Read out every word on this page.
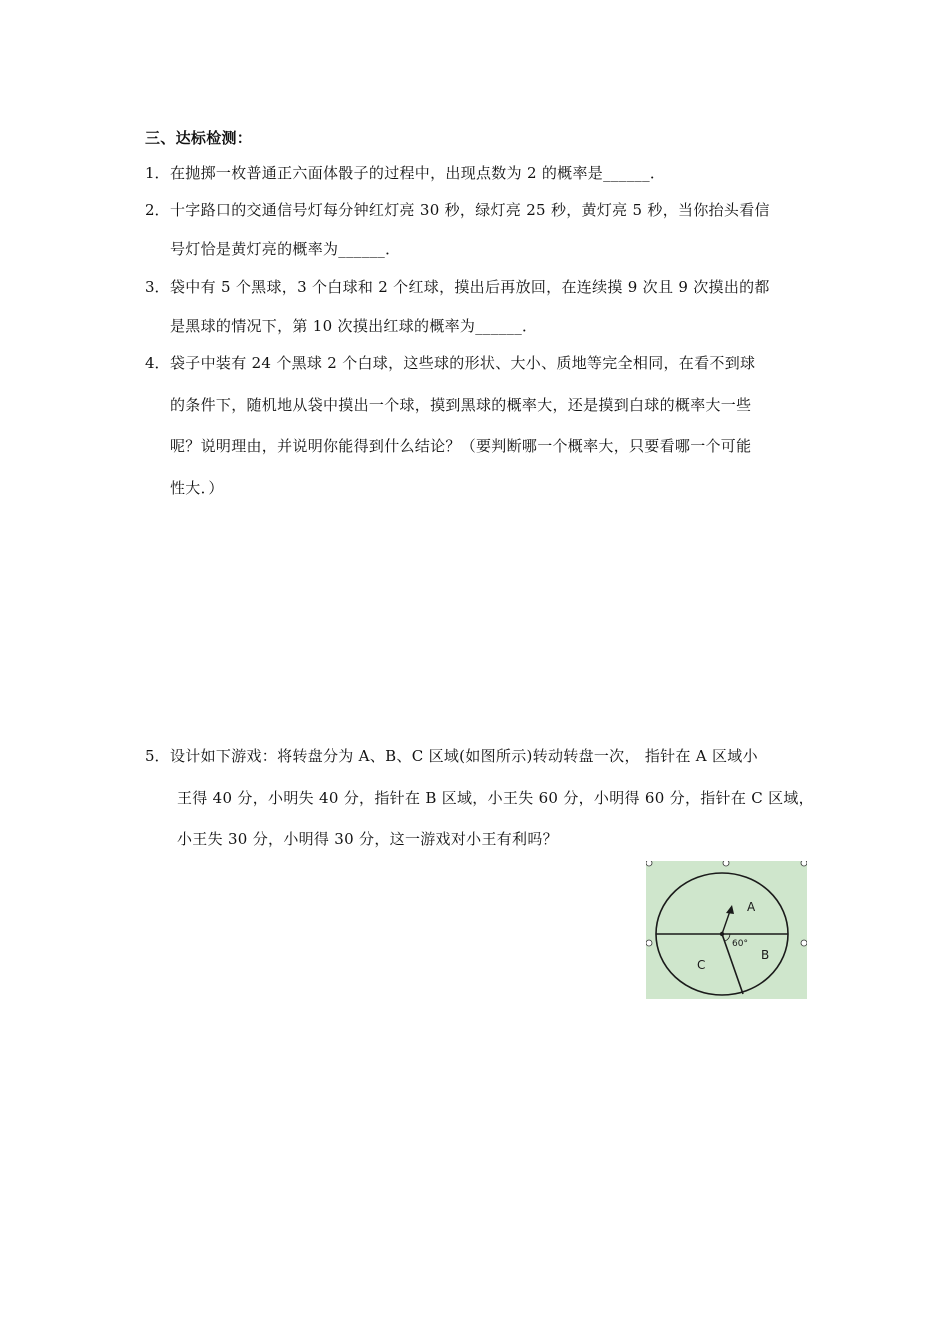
三、达标检测：
1． 在抛掷一枚普通正六面体骰子的过程中，出现点数为 2 的概率是______．
2． 十字路口的交通信号灯每分钟红灯亮 30 秒，绿灯亮 25 秒，黄灯亮 5 秒，当你抬头看信
号灯恰是黄灯亮的概率为______．
3． 袋中有 5 个黑球，3 个白球和 2 个红球，摸出后再放回，在连续摸 9 次且 9 次摸出的都
是黑球的情况下，第 10 次摸出红球的概率为______．
4． 袋子中装有 24 个黑球 2 个白球，这些球的形状、大小、质地等完全相同，在看不到球
的条件下，随机地从袋中摸出一个球，摸到黑球的概率大，还是摸到白球的概率大一些
呢？说明理由，并说明你能得到什么结论？（要判断哪一个概率大，只要看哪一个可能
性大．）
5． 设计如下游戏：将转盘分为 A、B、C 区域(如图所示)转动转盘一次， 指针在 A 区域小
王得 40 分，小明失 40 分，指针在 B 区域，小王失 60 分，小明得 60 分，指针在 C 区域，
小王失 30 分，小明得 30 分，这一游戏对小王有利吗？
A
60°
B
C
